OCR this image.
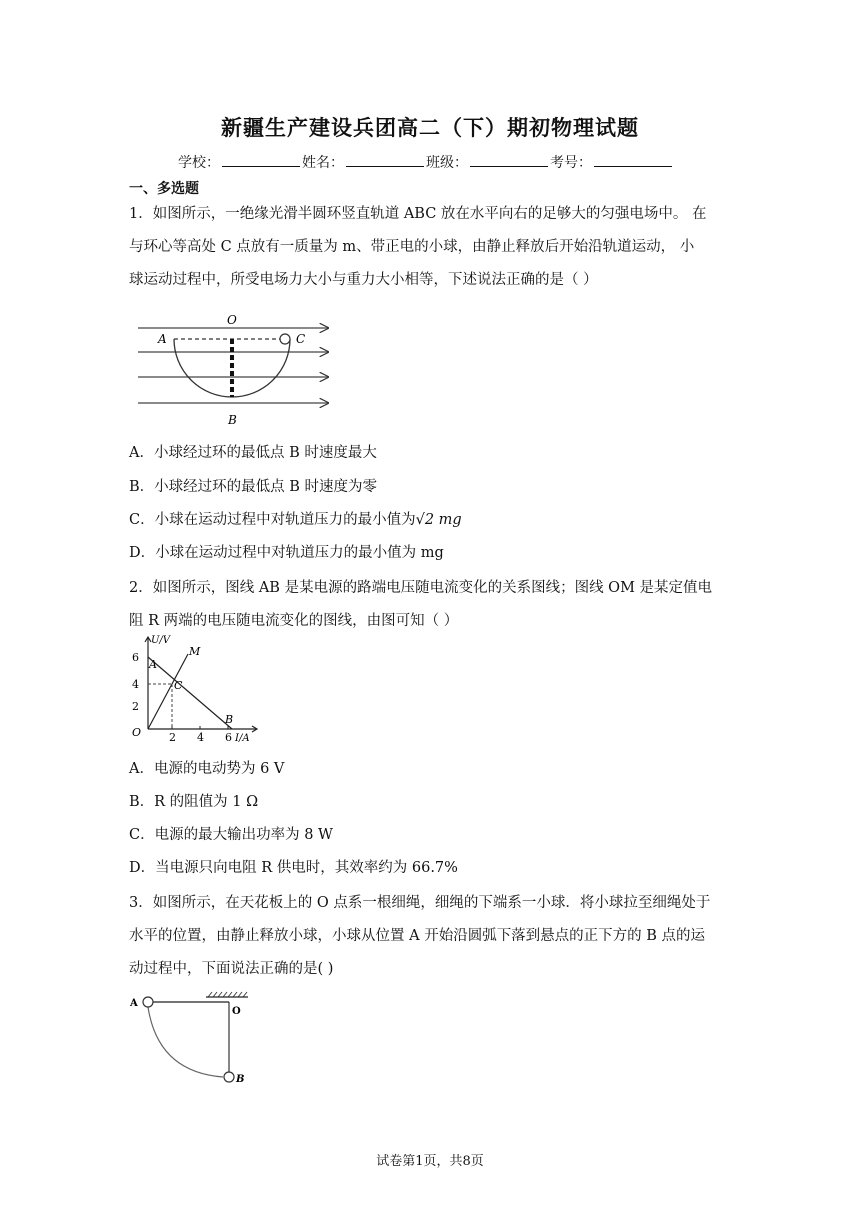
新疆生产建设兵团高二（下）期初物理试题
学校：	姓名：	班级：	考号：
一、多选题
1．如图所示，一绝缘光滑半圆环竖直轨道 ABC 放在水平向右的足够大的匀强电场中。 在
与环心等高处 C 点放有一质量为 m、带正电的小球，由静止释放后开始沿轨道运动， 小
球运动过程中，所受电场力大小与重力大小相等，下述说法正确的是（ ）
O
A	C
B
A．小球经过环的最低点 B 时速度最大
B．小球经过环的最低点 B 时速度为零
C．小球在运动过程中对轨道压力的最小值为√2 mg
D．小球在运动过程中对轨道压力的最小值为 mg
2．如图所示，图线 AB 是某电源的路端电压随电流变化的关系图线；图线 OM 是某定值电
阻 R 两端的电压随电流变化的图线，由图可知（ ）
U/V
I/A
6
4
2
2 4 6
O
A
B
C
M
A．电源的电动势为 6 V
B．R 的阻值为 1 Ω
C．电源的最大输出功率为 8 W
D．当电源只向电阻 R 供电时，其效率约为 66.7%
3．如图所示，在天花板上的 O 点系一根细绳，细绳的下端系一小球．将小球拉至细绳处于
水平的位置，由静止释放小球，小球从位置 A 开始沿圆弧下落到悬点的正下方的 B 点的运
动过程中，下面说法正确的是( )
A
O
B
试卷第1页，共8页
